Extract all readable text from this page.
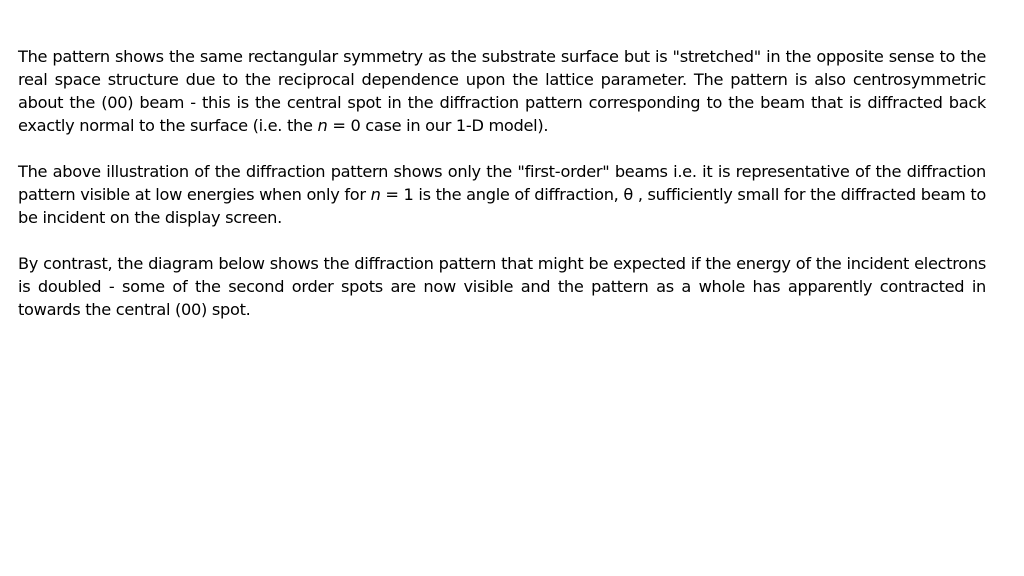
The pattern shows the same rectangular symmetry as the substrate surface but is "stretched" in the opposite sense to the real space structure due to the reciprocal dependence upon the lattice parameter. The pattern is also centrosymmetric about the (00) beam - this is the central spot in the diffraction pattern corresponding to the beam that is diffracted back exactly normal to the surface (i.e. the n = 0 case in our 1-D model).

The above illustration of the diffraction pattern shows only the "first-order" beams i.e. it is representative of the diffraction pattern visible at low energies when only for n = 1 is the angle of diffraction, θ , sufficiently small for the diffracted beam to be incident on the display screen.

By contrast, the diagram below shows the diffraction pattern that might be expected if the energy of the incident electrons is doubled - some of the second order spots are now visible and the pattern as a whole has apparently contracted in towards the central (00) spot.
